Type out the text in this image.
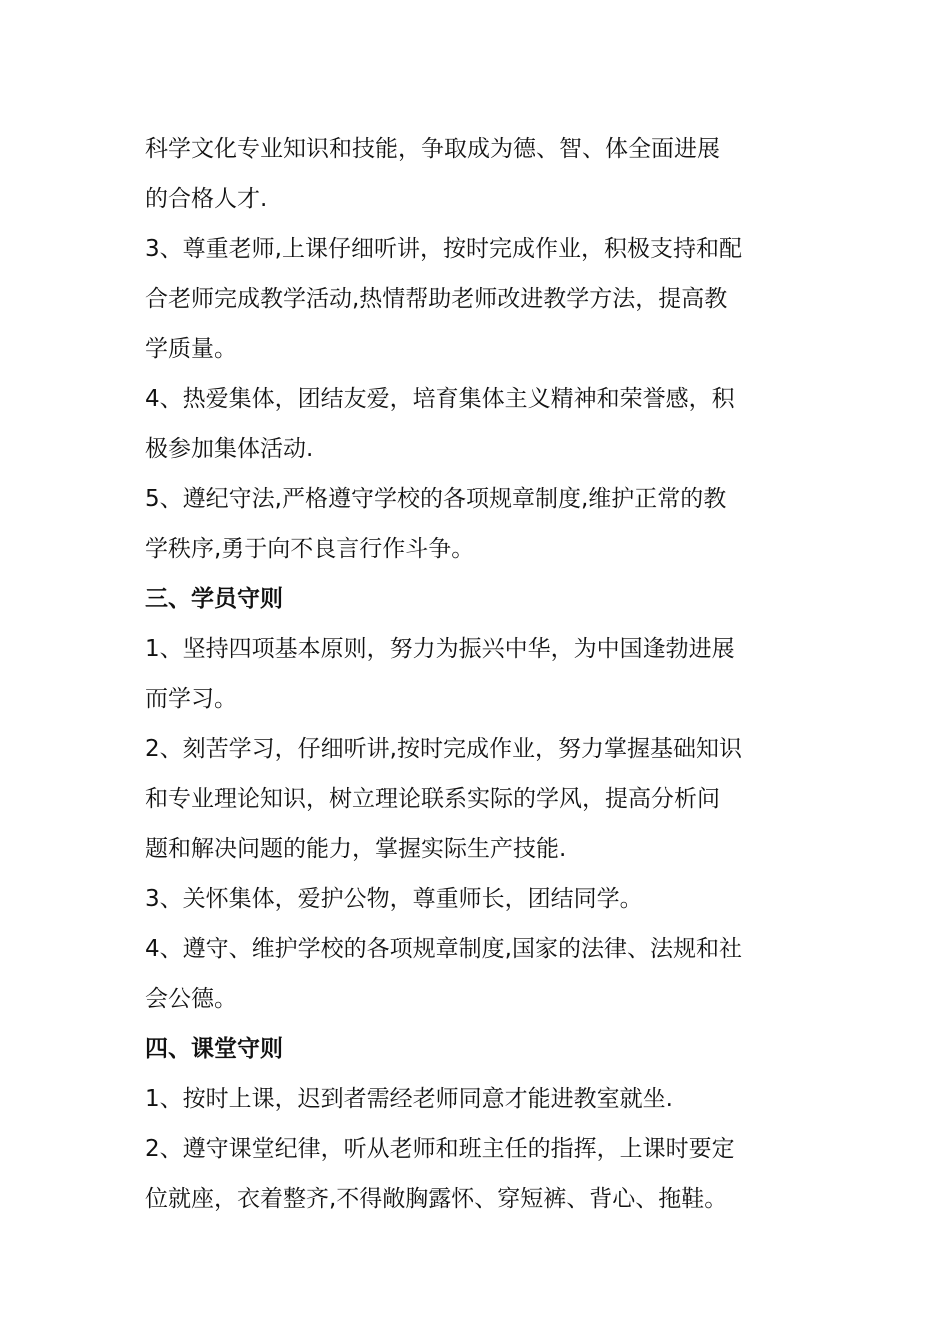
科学文化专业知识和技能，争取成为德、智、体全面进展
的合格人才.
3、尊重老师,上课仔细听讲，按时完成作业，积极支持和配
合老师完成教学活动,热情帮助老师改进教学方法，提高教
学质量。
4、热爱集体，团结友爱，培育集体主义精神和荣誉感，积
极参加集体活动.
5、遵纪守法,严格遵守学校的各项规章制度,维护正常的教
学秩序,勇于向不良言行作斗争。
三、学员守则
1、坚持四项基本原则，努力为振兴中华，为中国逢勃进展
而学习。
2、刻苦学习，仔细听讲,按时完成作业，努力掌握基础知识
和专业理论知识，树立理论联系实际的学风，提高分析问
题和解决问题的能力，掌握实际生产技能.
3、关怀集体，爱护公物，尊重师长，团结同学。
4、遵守、维护学校的各项规章制度,国家的法律、法规和社
会公德。
四、课堂守则
1、按时上课，迟到者需经老师同意才能进教室就坐.
2、遵守课堂纪律，听从老师和班主任的指挥，上课时要定
位就座，衣着整齐,不得敞胸露怀、穿短裤、背心、拖鞋。
